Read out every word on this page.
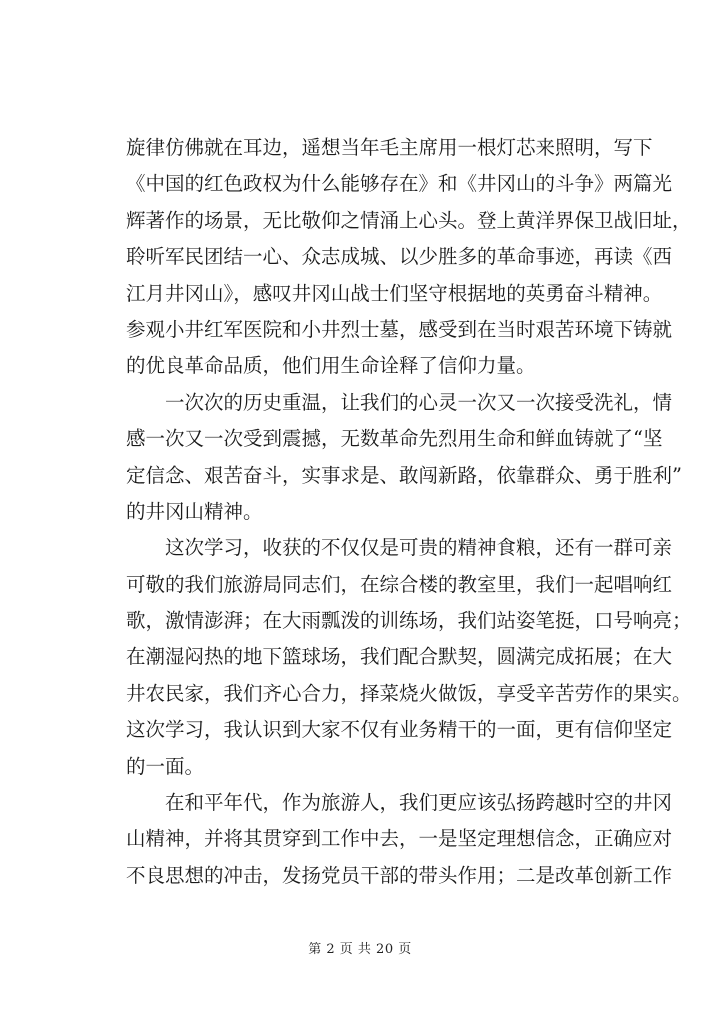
旋律仿佛就在耳边，遥想当年毛主席用一根灯芯来照明，写下
《中国的红色政权为什么能够存在》和《井冈山的斗争》两篇光
辉著作的场景，无比敬仰之情涌上心头。登上黄洋界保卫战旧址，
聆听军民团结一心、众志成城、以少胜多的革命事迹，再读《西
江月井冈山》，感叹井冈山战士们坚守根据地的英勇奋斗精神。
参观小井红军医院和小井烈士墓，感受到在当时艰苦环境下铸就
的优良革命品质，他们用生命诠释了信仰力量。
一次次的历史重温，让我们的心灵一次又一次接受洗礼，情
感一次又一次受到震撼，无数革命先烈用生命和鲜血铸就了“坚
定信念、艰苦奋斗，实事求是、敢闯新路，依靠群众、勇于胜利”
的井冈山精神。
这次学习，收获的不仅仅是可贵的精神食粮，还有一群可亲
可敬的我们旅游局同志们，在综合楼的教室里，我们一起唱响红
歌，激情澎湃；在大雨瓢泼的训练场，我们站姿笔挺，口号响亮；
在潮湿闷热的地下篮球场，我们配合默契，圆满完成拓展；在大
井农民家，我们齐心合力，择菜烧火做饭，享受辛苦劳作的果实。
这次学习，我认识到大家不仅有业务精干的一面，更有信仰坚定
的一面。
在和平年代，作为旅游人，我们更应该弘扬跨越时空的井冈
山精神，并将其贯穿到工作中去，一是坚定理想信念，正确应对
不良思想的冲击，发扬党员干部的带头作用；二是改革创新工作
第 2 页 共 20 页
